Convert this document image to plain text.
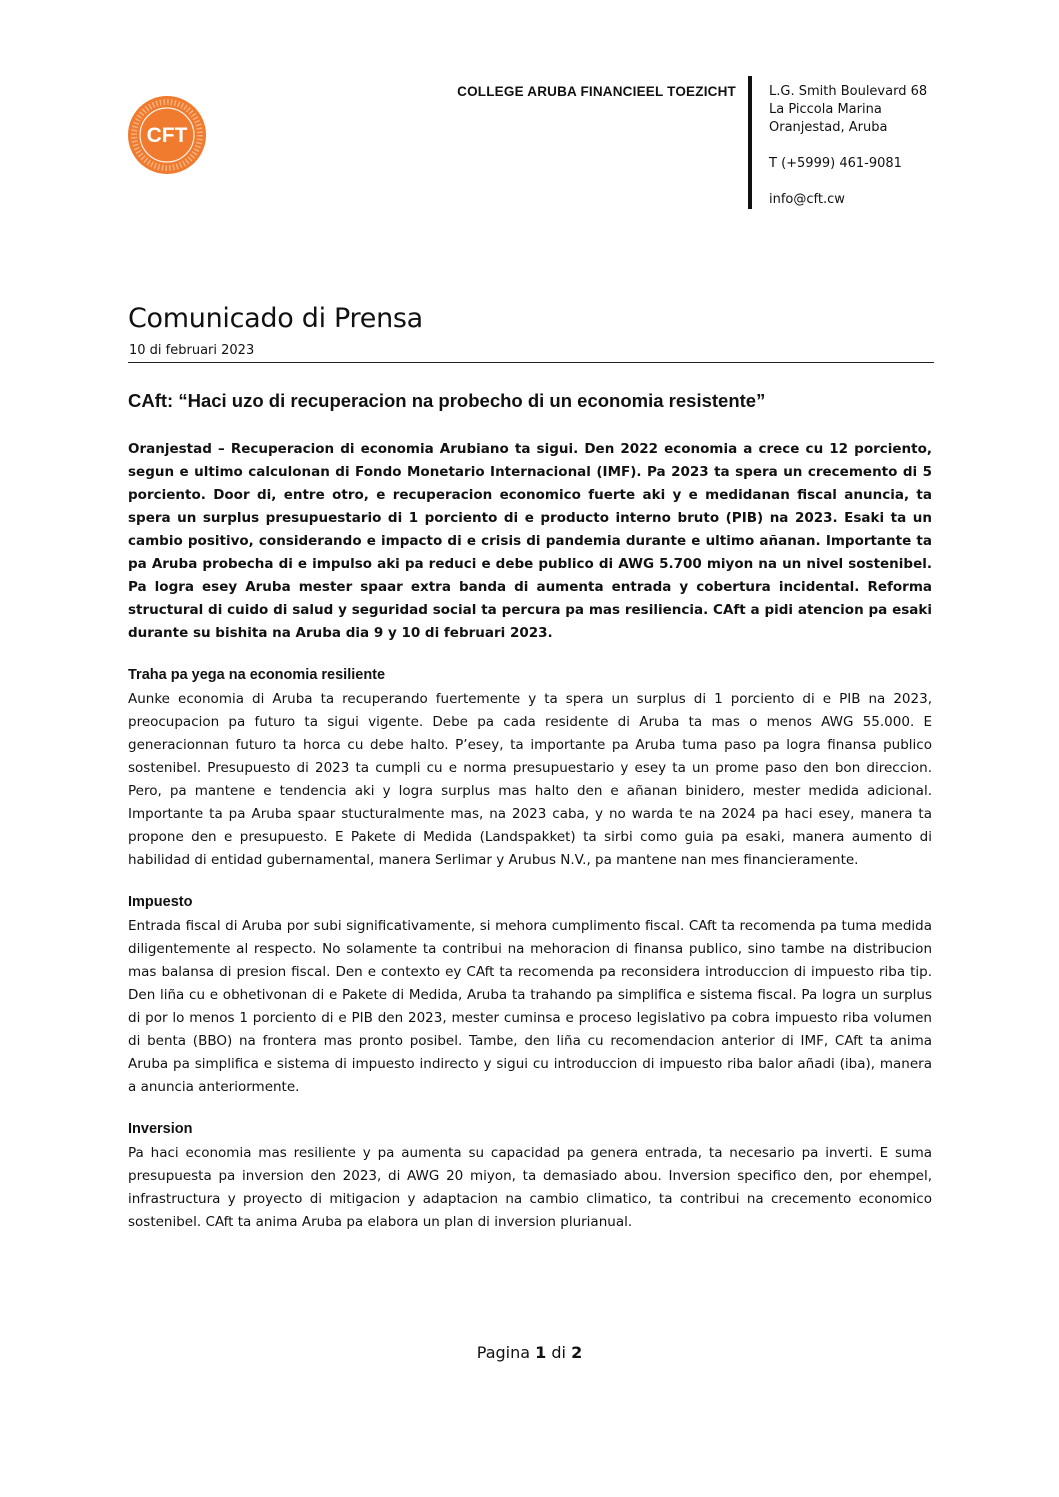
CFT
COLLEGE ARUBA FINANCIEEL TOEZICHT	L.G. Smith Boulevard 68
La Piccola Marina
Oranjestad, Aruba
T (+5999) 461-9081
info@cft.cw
Comunicado di Prensa
10 di februari 2023
CAft: “Haci uzo di recuperacion na probecho di un economia resistente”

Oranjestad – Recuperacion di economia Arubiano ta sigui. Den 2022 economia a crece cu 12 porciento, segun e ultimo calculonan di Fondo Monetario Internacional (IMF). Pa 2023 ta spera un crecemento di 5 porciento. Door di, entre otro, e recuperacion economico fuerte aki y e medidanan fiscal anuncia, ta spera un surplus presupuestario di 1 porciento di e producto interno bruto (PIB) na 2023. Esaki ta un cambio positivo, considerando e impacto di e crisis di pandemia durante e ultimo añanan. Importante ta pa Aruba probecha di e impulso aki pa reduci e debe publico di AWG 5.700 miyon na un nivel sostenibel. Pa logra esey Aruba mester spaar extra banda di aumenta entrada y cobertura incidental. Reforma structural di cuido di salud y seguridad social ta percura pa mas resiliencia. CAft a pidi atencion pa esaki durante su bishita na Aruba dia 9 y 10 di februari 2023.

Traha pa yega na economia resiliente

Aunke economia di Aruba ta recuperando fuertemente y ta spera un surplus di 1 porciento di e PIB na 2023, preocupacion pa futuro ta sigui vigente. Debe pa cada residente di Aruba ta mas o menos AWG 55.000. E generacionnan futuro ta horca cu debe halto. P’esey, ta importante pa Aruba tuma paso pa logra finansa publico sostenibel. Presupuesto di 2023 ta cumpli cu e norma presupuestario y esey ta un prome paso den bon direccion. Pero, pa mantene e tendencia aki y logra surplus mas halto den e añanan binidero, mester medida adicional. Importante ta pa Aruba spaar stucturalmente mas, na 2023 caba, y no warda te na 2024 pa haci esey, manera ta propone den e presupuesto. E Pakete di Medida (Landspakket) ta sirbi como guia pa esaki, manera aumento di habilidad di entidad gubernamental, manera Serlimar y Arubus N.V., pa mantene nan mes financieramente.

Impuesto

Entrada fiscal di Aruba por subi significativamente, si mehora cumplimento fiscal. CAft ta recomenda pa tuma medida diligentemente al respecto. No solamente ta contribui na mehoracion di finansa publico, sino tambe na distribucion mas balansa di presion fiscal. Den e contexto ey CAft ta recomenda pa reconsidera introduccion di impuesto riba tip. Den liña cu e obhetivonan di e Pakete di Medida, Aruba ta trahando pa simplifica e sistema fiscal. Pa logra un surplus di por lo menos 1 porciento di e PIB den 2023, mester cuminsa e proceso legislativo pa cobra impuesto riba volumen di benta (BBO) na frontera mas pronto posibel. Tambe, den liña cu recomendacion anterior di IMF, CAft ta anima Aruba pa simplifica e sistema di impuesto indirecto y sigui cu introduccion di impuesto riba balor añadi (iba), manera a anuncia anteriormente.

Inversion

Pa haci economia mas resiliente y pa aumenta su capacidad pa genera entrada, ta necesario pa inverti. E suma presupuesta pa inversion den 2023, di AWG 20 miyon, ta demasiado abou. Inversion specifico den, por ehempel, infrastructura y proyecto di mitigacion y adaptacion na cambio climatico, ta contribui na crecemento economico sostenibel. CAft ta anima Aruba pa elabora un plan di inversion plurianual.

Pagina 1 di 2
